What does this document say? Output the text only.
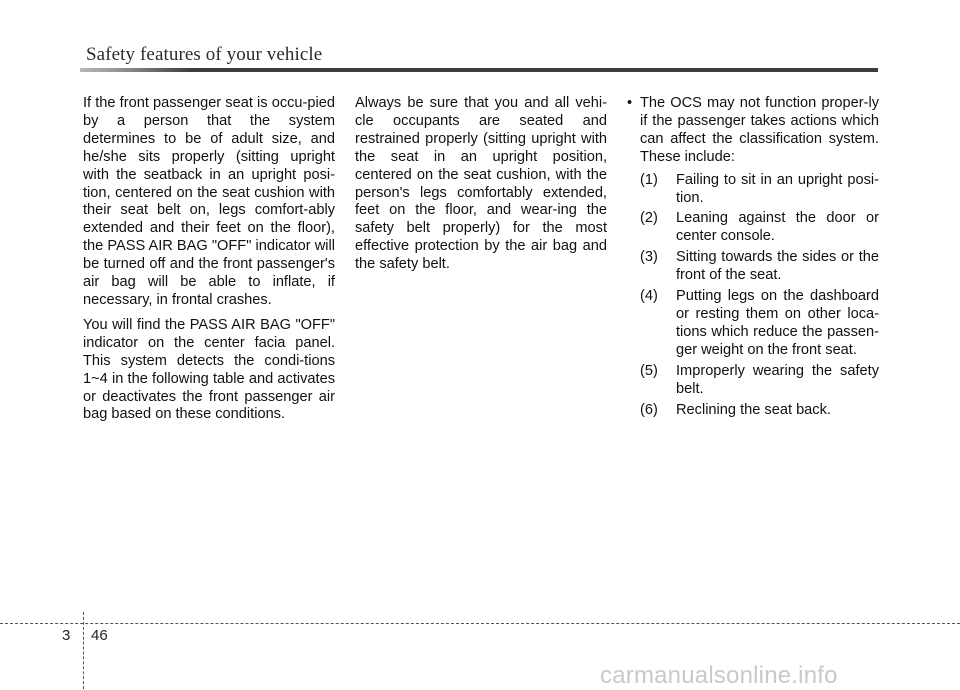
Safety features of your vehicle

If the front passenger seat is occu-pied by a person that the system determines to be of adult size, and he/she sits properly (sitting upright with the seatback in an upright posi-tion, centered on the seat cushion with their seat belt on, legs comfort-ably extended and their feet on the floor), the PASS AIR BAG "OFF" indicator will be turned off and the front passenger's air bag will be able to inflate, if necessary, in frontal crashes.

You will find the PASS AIR BAG "OFF" indicator on the center facia panel. This system detects the condi-tions 1~4 in the following table and activates or deactivates the front passenger air bag based on these conditions.

Always be sure that you and all vehi-cle occupants are seated and restrained properly (sitting upright with the seat in an upright position, centered on the seat cushion, with the person's legs comfortably extended, feet on the floor, and wear-ing the safety belt properly) for the most effective protection by the air bag and the safety belt.

• The OCS may not function proper-ly if the passenger takes actions which can affect the classification system. These include:
(1) Failing to sit in an upright posi-tion.
(2) Leaning against the door or center console.
(3) Sitting towards the sides or the front of the seat.
(4) Putting legs on the dashboard or resting them on other loca-tions which reduce the passen-ger weight on the front seat.
(5) Improperly wearing the safety belt.
(6) Reclining the seat back.
3 46
carmanualsonline.info
